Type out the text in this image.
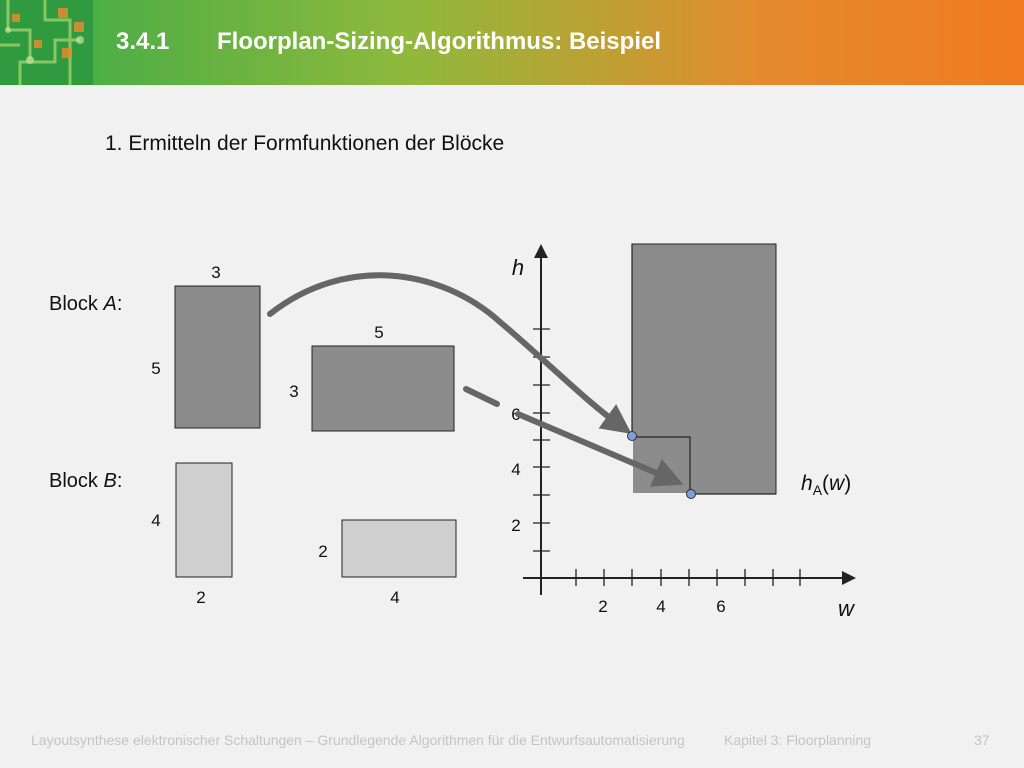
3.4.1 Floorplan-Sizing-Algorithmus: Beispiel
1. Ermitteln der Formfunktionen der Blöcke
Block A:
3
5
5
3
Block B:
4
2
2
4
2
4
6
2	4	6
h
w
$h_A(w)$
Layoutsynthese elektronischer Schaltungen – Grundlegende Algorithmen für die Entwurfsautomatisierung	Kapitel 3: Floorplanning	37
